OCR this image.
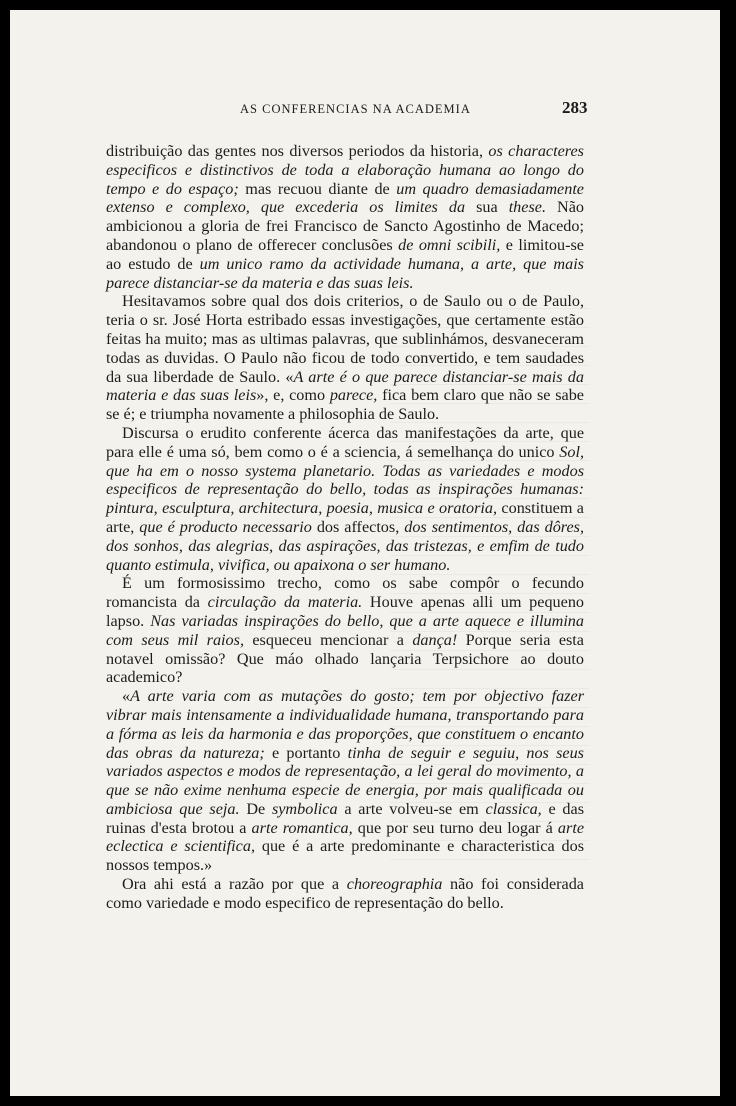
AS CONFERENCIAS NA ACADEMIA	283

distribuição das gentes nos diversos periodos da historia, os characteres especificos e distinctivos de toda a elaboração humana ao longo do tempo e do espaço; mas recuou diante de um quadro demasiadamente extenso e complexo, que excederia os limites da sua these. Não ambicionou a gloria de frei Francisco de Sancto Agostinho de Macedo; abandonou o plano de offerecer conclusões de omni scibili, e limitou-se ao estudo de um unico ramo da actividade humana, a arte, que mais parece distanciar-se da materia e das suas leis.

Hesitavamos sobre qual dos dois criterios, o de Saulo ou o de Paulo, teria o sr. José Horta estribado essas investigações, que certamente estão feitas ha muito; mas as ultimas palavras, que sublinhámos, desvaneceram todas as duvidas. O Paulo não ficou de todo convertido, e tem saudades da sua liberdade de Saulo. «A arte é o que parece distanciar-se mais da materia e das suas leis», e, como parece, fica bem claro que não se sabe se é; e triumpha novamente a philosophia de Saulo.

Discursa o erudito conferente ácerca das manifestações da arte, que para elle é uma só, bem como o é a sciencia, á semelhança do unico Sol, que ha em o nosso systema planetario. Todas as variedades e modos especificos de representação do bello, todas as inspirações humanas: pintura, esculptura, architectura, poesia, musica e oratoria, constituem a arte, que é producto necessario dos affectos, dos sentimentos, das dôres, dos sonhos, das alegrias, das aspirações, das tristezas, e emfim de tudo quanto estimula, vivifica, ou apaixona o ser humano.

É um formosissimo trecho, como os sabe compôr o fecundo romancista da circulação da materia. Houve apenas alli um pequeno lapso. Nas variadas inspirações do bello, que a arte aquece e illumina com seus mil raios, esqueceu mencionar a dança! Porque seria esta notavel omissão? Que máo olhado lançaria Terpsichore ao douto academico?

«A arte varia com as mutações do gosto; tem por objectivo fazer vibrar mais intensamente a individualidade humana, transportando para a fórma as leis da harmonia e das proporções, que constituem o encanto das obras da natureza; e portanto tinha de seguir e seguiu, nos seus variados aspectos e modos de representação, a lei geral do movimento, a que se não exime nenhuma especie de energia, por mais qualificada ou ambiciosa que seja. De symbolica a arte volveu-se em classica, e das ruinas d'esta brotou a arte romantica, que por seu turno deu logar á arte eclectica e scientifica, que é a arte predominante e characteristica dos nossos tempos.»

Ora ahi está a razão por que a choreographia não foi considerada como variedade e modo especifico de representação do bello.
